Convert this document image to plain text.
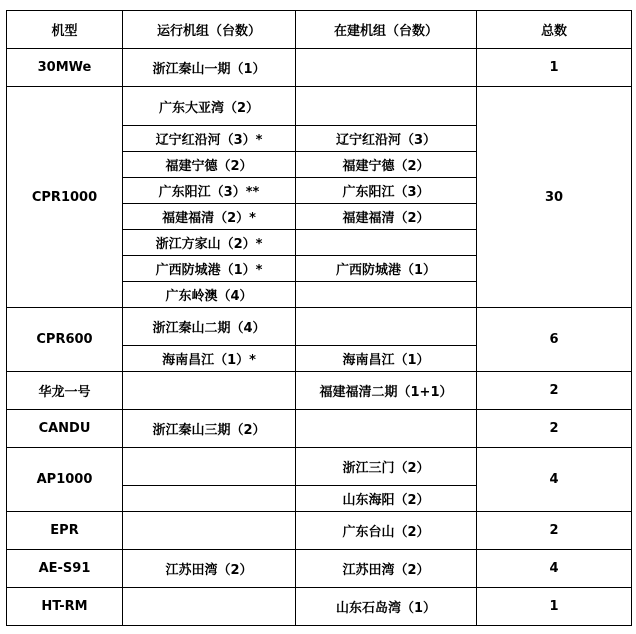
机型	运行机组（台数）	在建机组（台数）	总数
30MWe	浙江秦山一期（1）		1
CPR1000	广东大亚湾（2）		30
	辽宁红沿河（3）*	辽宁红沿河（3）	
	福建宁德（2）	福建宁德（2）	
	广东阳江（3）**	广东阳江（3）	
	福建福清（2）*	福建福清（2）	
	浙江方家山（2）*		
	广西防城港（1）*	广西防城港（1）	
	广东岭澳（4）		
CPR600	浙江秦山二期（4）		6
	海南昌江（1）*	海南昌江（1）	
华龙一号		福建福清二期（1+1）	2
CANDU	浙江秦山三期（2）		2
AP1000		浙江三门（2）	4
		山东海阳（2）	
EPR		广东台山（2）	2
AE-S91	江苏田湾（2）	江苏田湾（2）	4
HT-RM		山东石岛湾（1）	1
